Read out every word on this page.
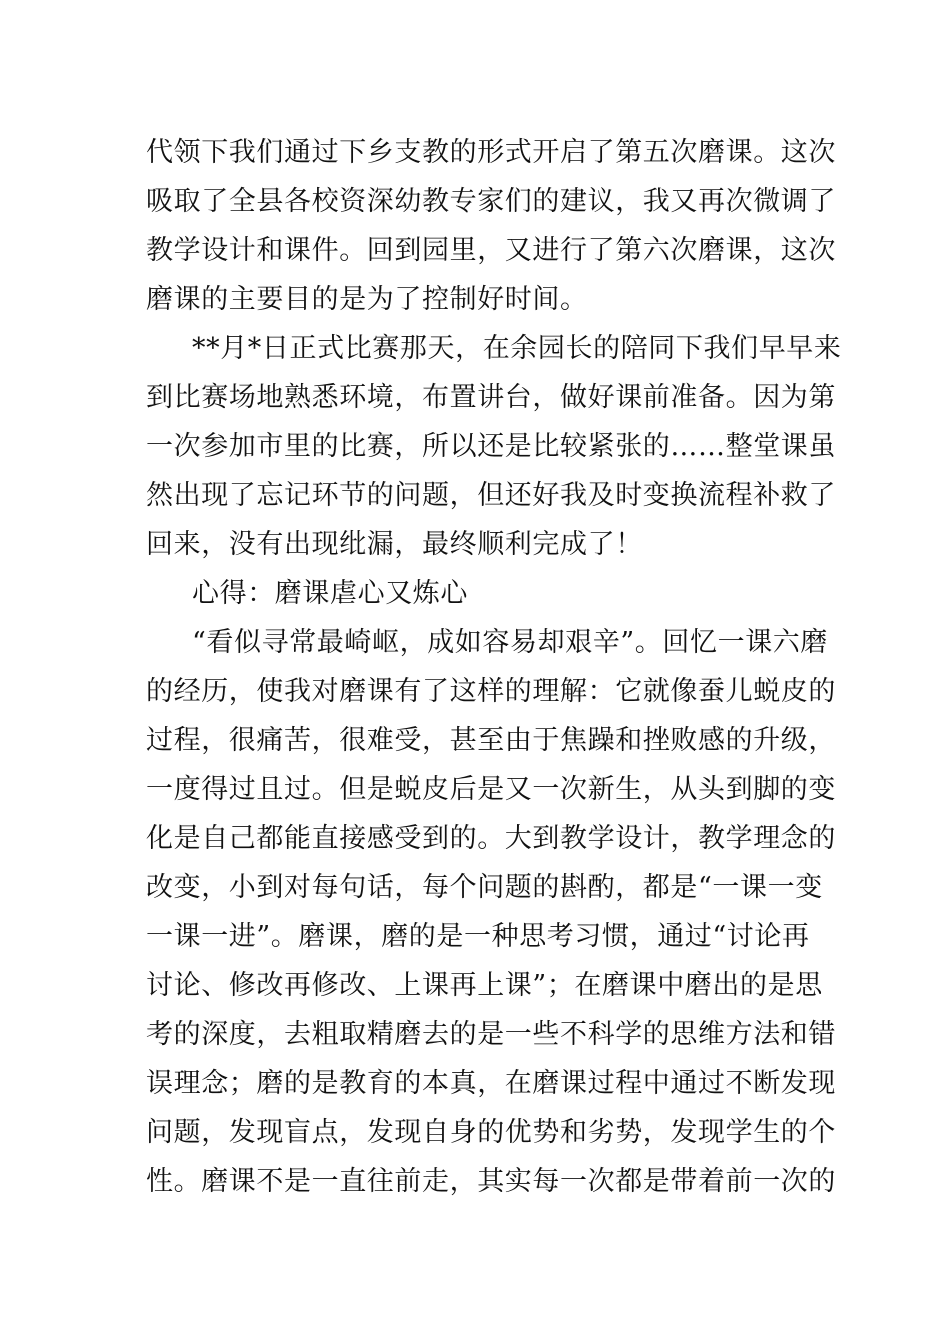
代领下我们通过下乡支教的形式开启了第五次磨课。这次
吸取了全县各校资深幼教专家们的建议，我又再次微调了
教学设计和课件。回到园里，又进行了第六次磨课，这次
磨课的主要目的是为了控制好时间。
**月*日正式比赛那天，在余园长的陪同下我们早早来
到比赛场地熟悉环境，布置讲台，做好课前准备。因为第
一次参加市里的比赛，所以还是比较紧张的……整堂课虽
然出现了忘记环节的问题，但还好我及时变换流程补救了
回来，没有出现纰漏，最终顺利完成了！
心得：磨课虐心又炼心
“看似寻常最崎岖，成如容易却艰辛”。回忆一课六磨
的经历，使我对磨课有了这样的理解：它就像蚕儿蜕皮的
过程，很痛苦，很难受，甚至由于焦躁和挫败感的升级，
一度得过且过。但是蜕皮后是又一次新生，从头到脚的变
化是自己都能直接感受到的。大到教学设计，教学理念的
改变，小到对每句话，每个问题的斟酌，都是“一课一变
一课一进”。磨课，磨的是一种思考习惯，通过“讨论再
讨论、修改再修改、上课再上课”；在磨课中磨出的是思
考的深度，去粗取精磨去的是一些不科学的思维方法和错
误理念；磨的是教育的本真，在磨课过程中通过不断发现
问题，发现盲点，发现自身的优势和劣势，发现学生的个
性。磨课不是一直往前走，其实每一次都是带着前一次的
